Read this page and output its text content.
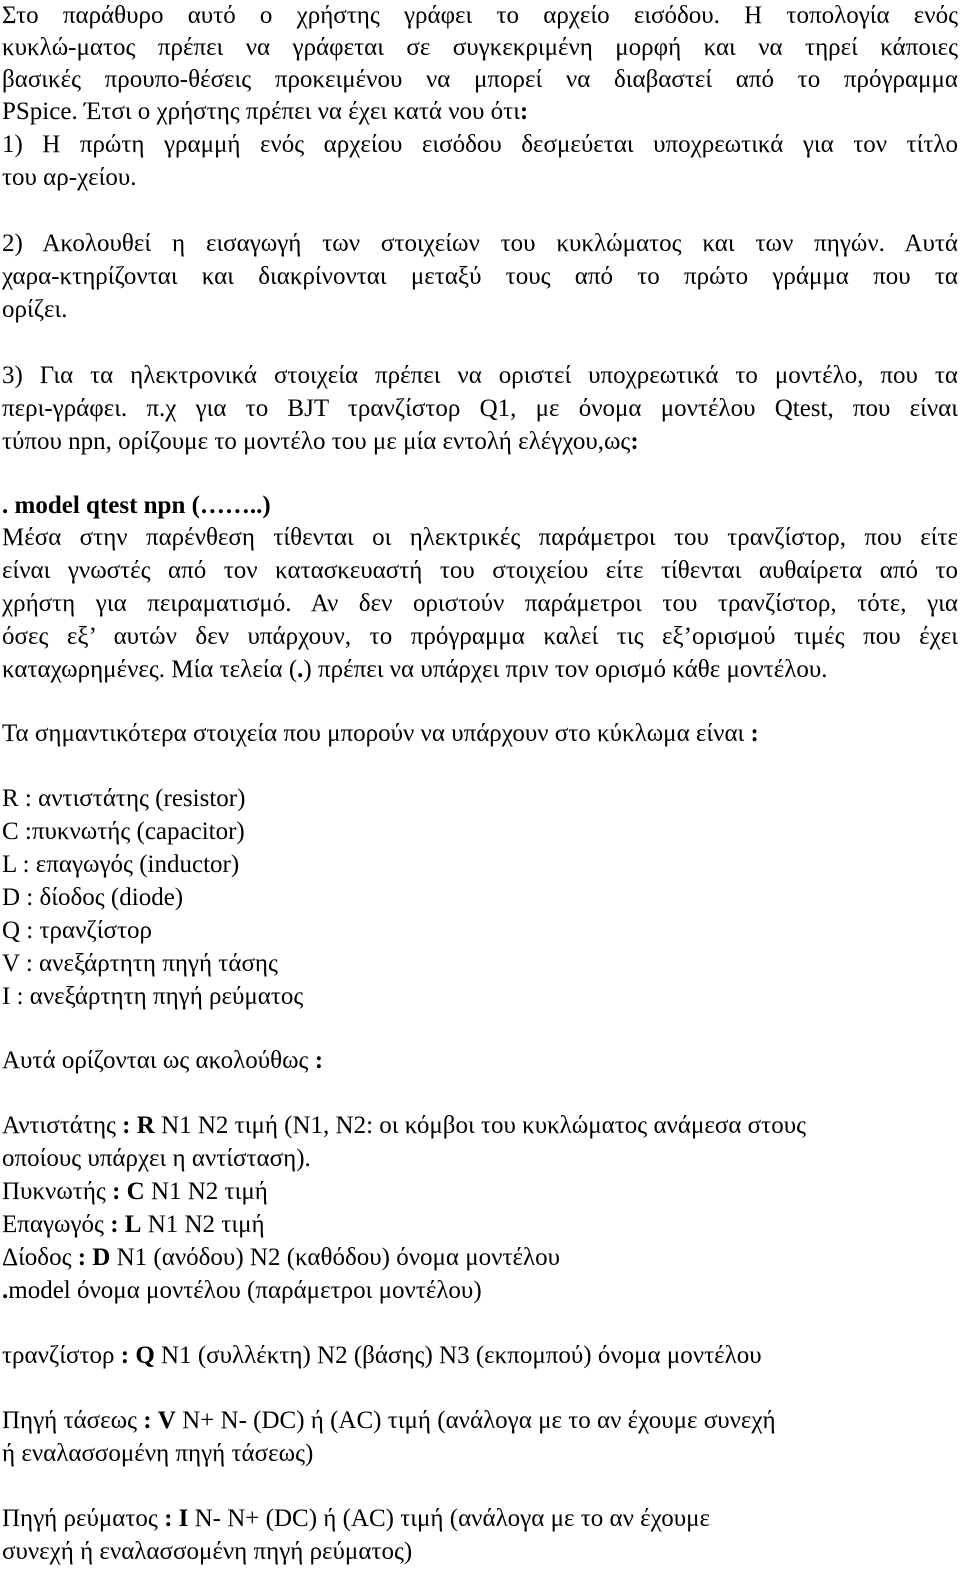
Στο παράθυρο αυτό ο χρήστης γράφει το αρχείο εισόδου. Η τοπολογία ενός
κυκλώ-ματος πρέπει να γράφεται σε συγκεκριμένη μορφή και να τηρεί κάποιες
βασικές προυπο-θέσεις προκειμένου να μπορεί να διαβαστεί από το πρόγραμμα
PSpice. Έτσι ο χρήστης πρέπει να έχει κατά νου ότι:
1) Η πρώτη γραμμή ενός αρχείου εισόδου δεσμεύεται υποχρεωτικά για τον τίτλο
του αρ-χείου.
2) Ακολουθεί η εισαγωγή των στοιχείων του κυκλώματος και των πηγών. Αυτά
χαρα-κτηρίζονται και διακρίνονται μεταξύ τους από το πρώτο γράμμα που τα
ορίζει.
3) Για τα ηλεκτρονικά στοιχεία πρέπει να οριστεί υποχρεωτικά το μοντέλο, που τα
περι-γράφει. π.χ για το BJT τρανζίστορ Q1, με όνομα μοντέλου Qtest, που είναι
τύπου npn, ορίζουμε το μοντέλο του με μία εντολή ελέγχου,ως:
. model qtest npn (……..)
Μέσα στην παρένθεση τίθενται οι ηλεκτρικές παράμετροι του τρανζίστορ, που είτε
είναι γνωστές από τον κατασκευαστή του στοιχείου είτε τίθενται αυθαίρετα από το
χρήστη για πειραματισμό. Αν δεν οριστούν παράμετροι του τρανζίστορ, τότε, για
όσες εξ’ αυτών δεν υπάρχουν, το πρόγραμμα καλεί τις εξ’ορισμού τιμές που έχει
καταχωρημένες. Μία τελεία (.) πρέπει να υπάρχει πριν τον ορισμό κάθε μοντέλου.
Τα σημαντικότερα στοιχεία που μπορούν να υπάρχουν στο κύκλωμα είναι :
R : αντιστάτης (resistor)
C :πυκνωτής (capacitor)
L : επαγωγός (inductor)
D : δίοδος (diode)
Q : τρανζίστορ
V : ανεξάρτητη πηγή τάσης
I : ανεξάρτητη πηγή ρεύματος
Αυτά ορίζονται ως ακολούθως :
Αντιστάτης : R Ν1 Ν2 τιμή (Ν1, Ν2: οι κόμβοι του κυκλώματος ανάμεσα στους
οποίους υπάρχει η αντίσταση).
Πυκνωτής : C Ν1 Ν2 τιμή
Επαγωγός : L Ν1 Ν2 τιμή
Δίοδος : D Ν1 (ανόδου) Ν2 (καθόδου) όνομα μοντέλου
.model όνομα μοντέλου (παράμετροι μοντέλου)
τρανζίστορ : Q Ν1 (συλλέκτη) Ν2 (βάσης) Ν3 (εκπομπού) όνομα μοντέλου
Πηγή τάσεως : V Ν+ Ν- (DC) ή (AC) τιμή (ανάλογα με το αν έχουμε συνεχή
ή εναλασσομένη πηγή τάσεως)
Πηγή ρεύματος : I Ν- Ν+ (DC) ή (AC) τιμή (ανάλογα με το αν έχουμε
συνεχή ή εναλασσομένη πηγή ρεύματος)
